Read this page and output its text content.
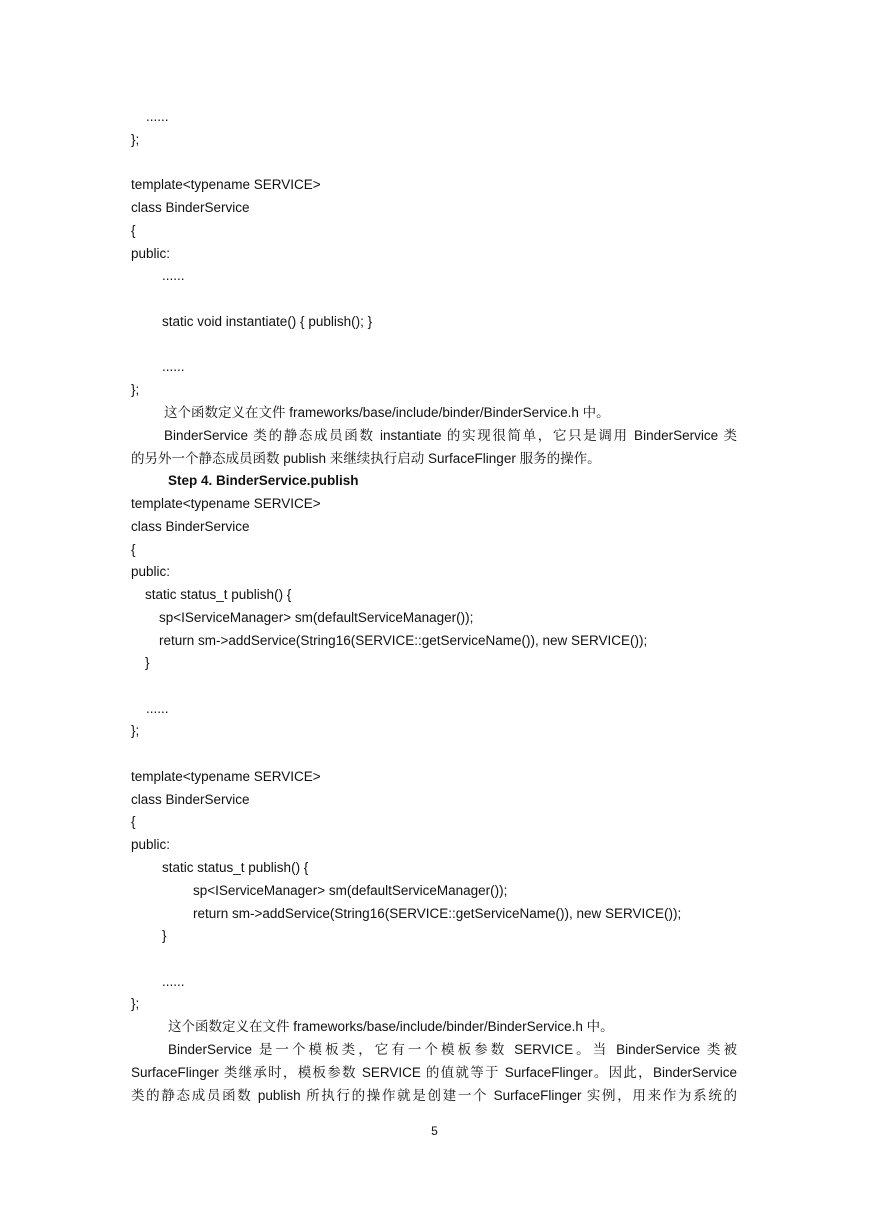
......
};
template<typename SERVICE>
class BinderService
{
public:
......
static void instantiate() { publish(); }
......
};
这个函数定义在文件 frameworks/base/include/binder/BinderService.h 中。
BinderService 类的静态成员函数 instantiate 的实现很简单，它只是调用 BinderService 类
的另外一个静态成员函数 publish 来继续执行启动 SurfaceFlinger 服务的操作。
Step 4. BinderService.publish
template<typename SERVICE>
class BinderService
{
public:
static status_t publish() {
sp<IServiceManager> sm(defaultServiceManager());
return sm->addService(String16(SERVICE::getServiceName()), new SERVICE());
}
......
};
template<typename SERVICE>
class BinderService
{
public:
static status_t publish() {
sp<IServiceManager> sm(defaultServiceManager());
return sm->addService(String16(SERVICE::getServiceName()), new SERVICE());
}
......
};
这个函数定义在文件 frameworks/base/include/binder/BinderService.h 中。
BinderService 是一个模板类，它有一个模板参数 SERVICE。当 BinderService 类被
SurfaceFlinger 类继承时，模板参数 SERVICE 的值就等于 SurfaceFlinger。因此，BinderService
类的静态成员函数 publish 所执行的操作就是创建一个 SurfaceFlinger 实例，用来作为系统的
5
